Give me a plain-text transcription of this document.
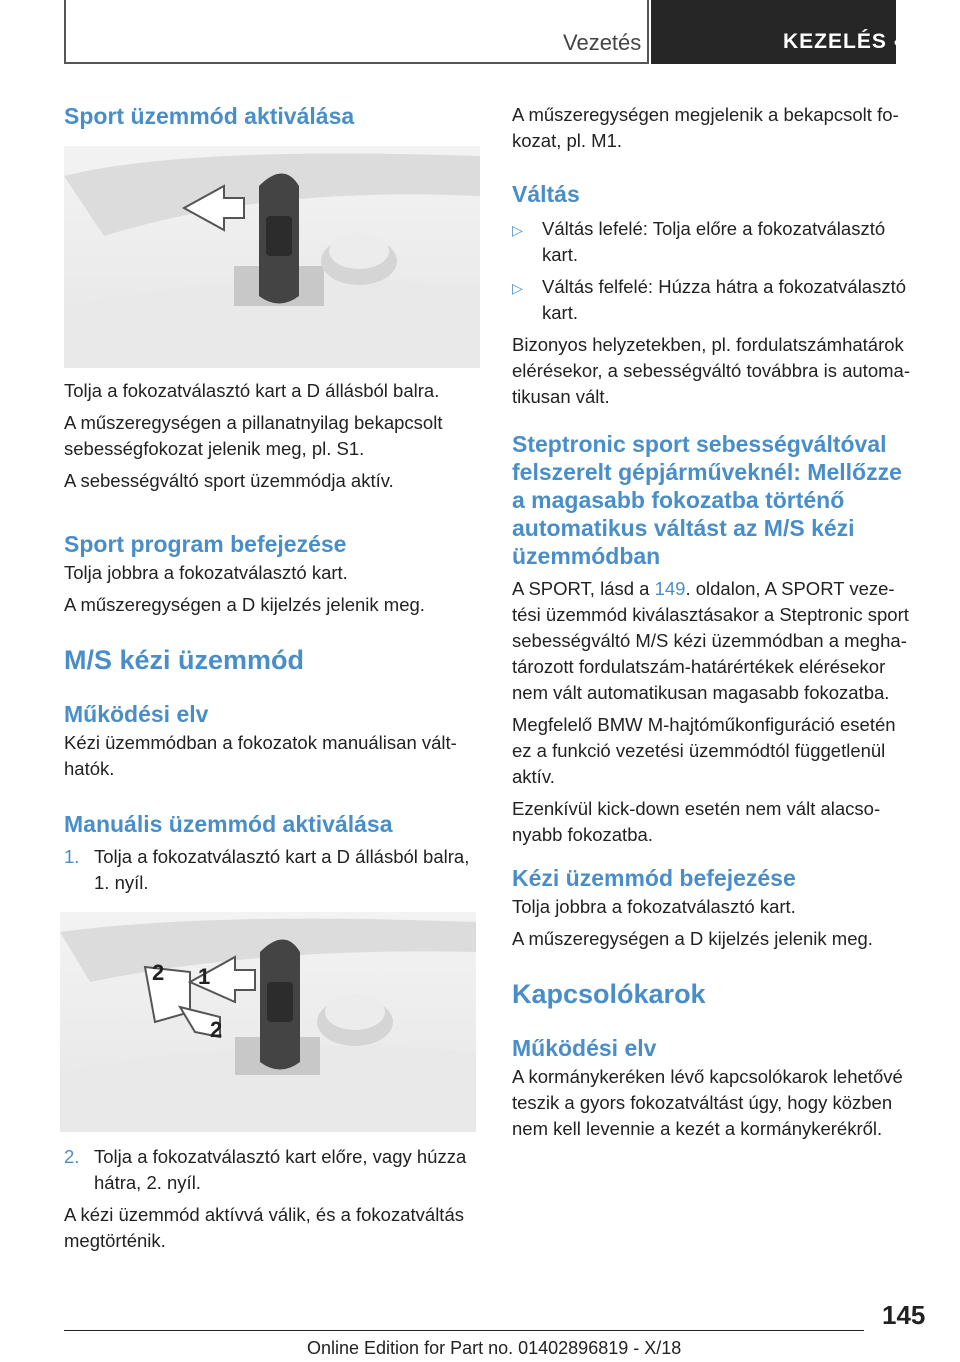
Vezetés	KEZELÉS

Sport üzemmód aktiválása

Tolja a fokozatválasztó kart a D állásból balra.

A műszeregységen a pillanatnyilag bekapcsolt

sebességfokozat jelenik meg, pl. S1.

A sebességváltó sport üzemmódja aktív.

Sport program befejezése

Tolja jobbra a fokozatválasztó kart.

A műszeregységen a D kijelzés jelenik meg.

M/S kézi üzemmód

Működési elv

Kézi üzemmódban a fokozatok manuálisan vált-

hatók.

Manuális üzemmód aktiválása

1. Tolja a fokozatválasztó kart a D állásból balra,
1. nyíl.
2 1
2
2. Tolja a fokozatválasztó kart előre, vagy húzza
hátra, 2. nyíl.

A kézi üzemmód aktívvá válik, és a fokozatváltás

megtörténik.

A műszeregységen megjelenik a bekapcsolt fo-

kozat, pl. M1.

Váltás

▷	Váltás lefelé: Tolja előre a fokozatválasztó
kart.
▷	Váltás felfelé: Húzza hátra a fokozatválasztó
kart.

Bizonyos helyzetekben, pl. fordulatszámhatárok

elérésekor, a sebességváltó továbbra is automa-

tikusan vált.

Steptronic sport sebességváltóval

felszerelt gépjárműveknél: Mellőzze

a magasabb fokozatba történő

automatikus váltást az M/S kézi

üzemmódban

A SPORT, lásd a 149. oldalon, A SPORT veze-

tési üzemmód kiválasztásakor a Steptronic sport

sebességváltó M/S kézi üzemmódban a megha-

tározott fordulatszám-határértékek elérésekor

nem vált automatikusan magasabb fokozatba.

Megfelelő BMW M-hajtóműkonfiguráció esetén

ez a funkció vezetési üzemmódtól függetlenül

aktív.

Ezenkívül kick-down esetén nem vált alacso-

nyabb fokozatba.

Kézi üzemmód befejezése

Tolja jobbra a fokozatválasztó kart.

A műszeregységen a D kijelzés jelenik meg.

Kapcsolókarok

Működési elv

A kormánykeréken lévő kapcsolókarok lehetővé

teszik a gyors fokozatváltást úgy, hogy közben

nem kell levennie a kezét a kormánykerékről.

145
Online Edition for Part no. 01402896819 - X/18
